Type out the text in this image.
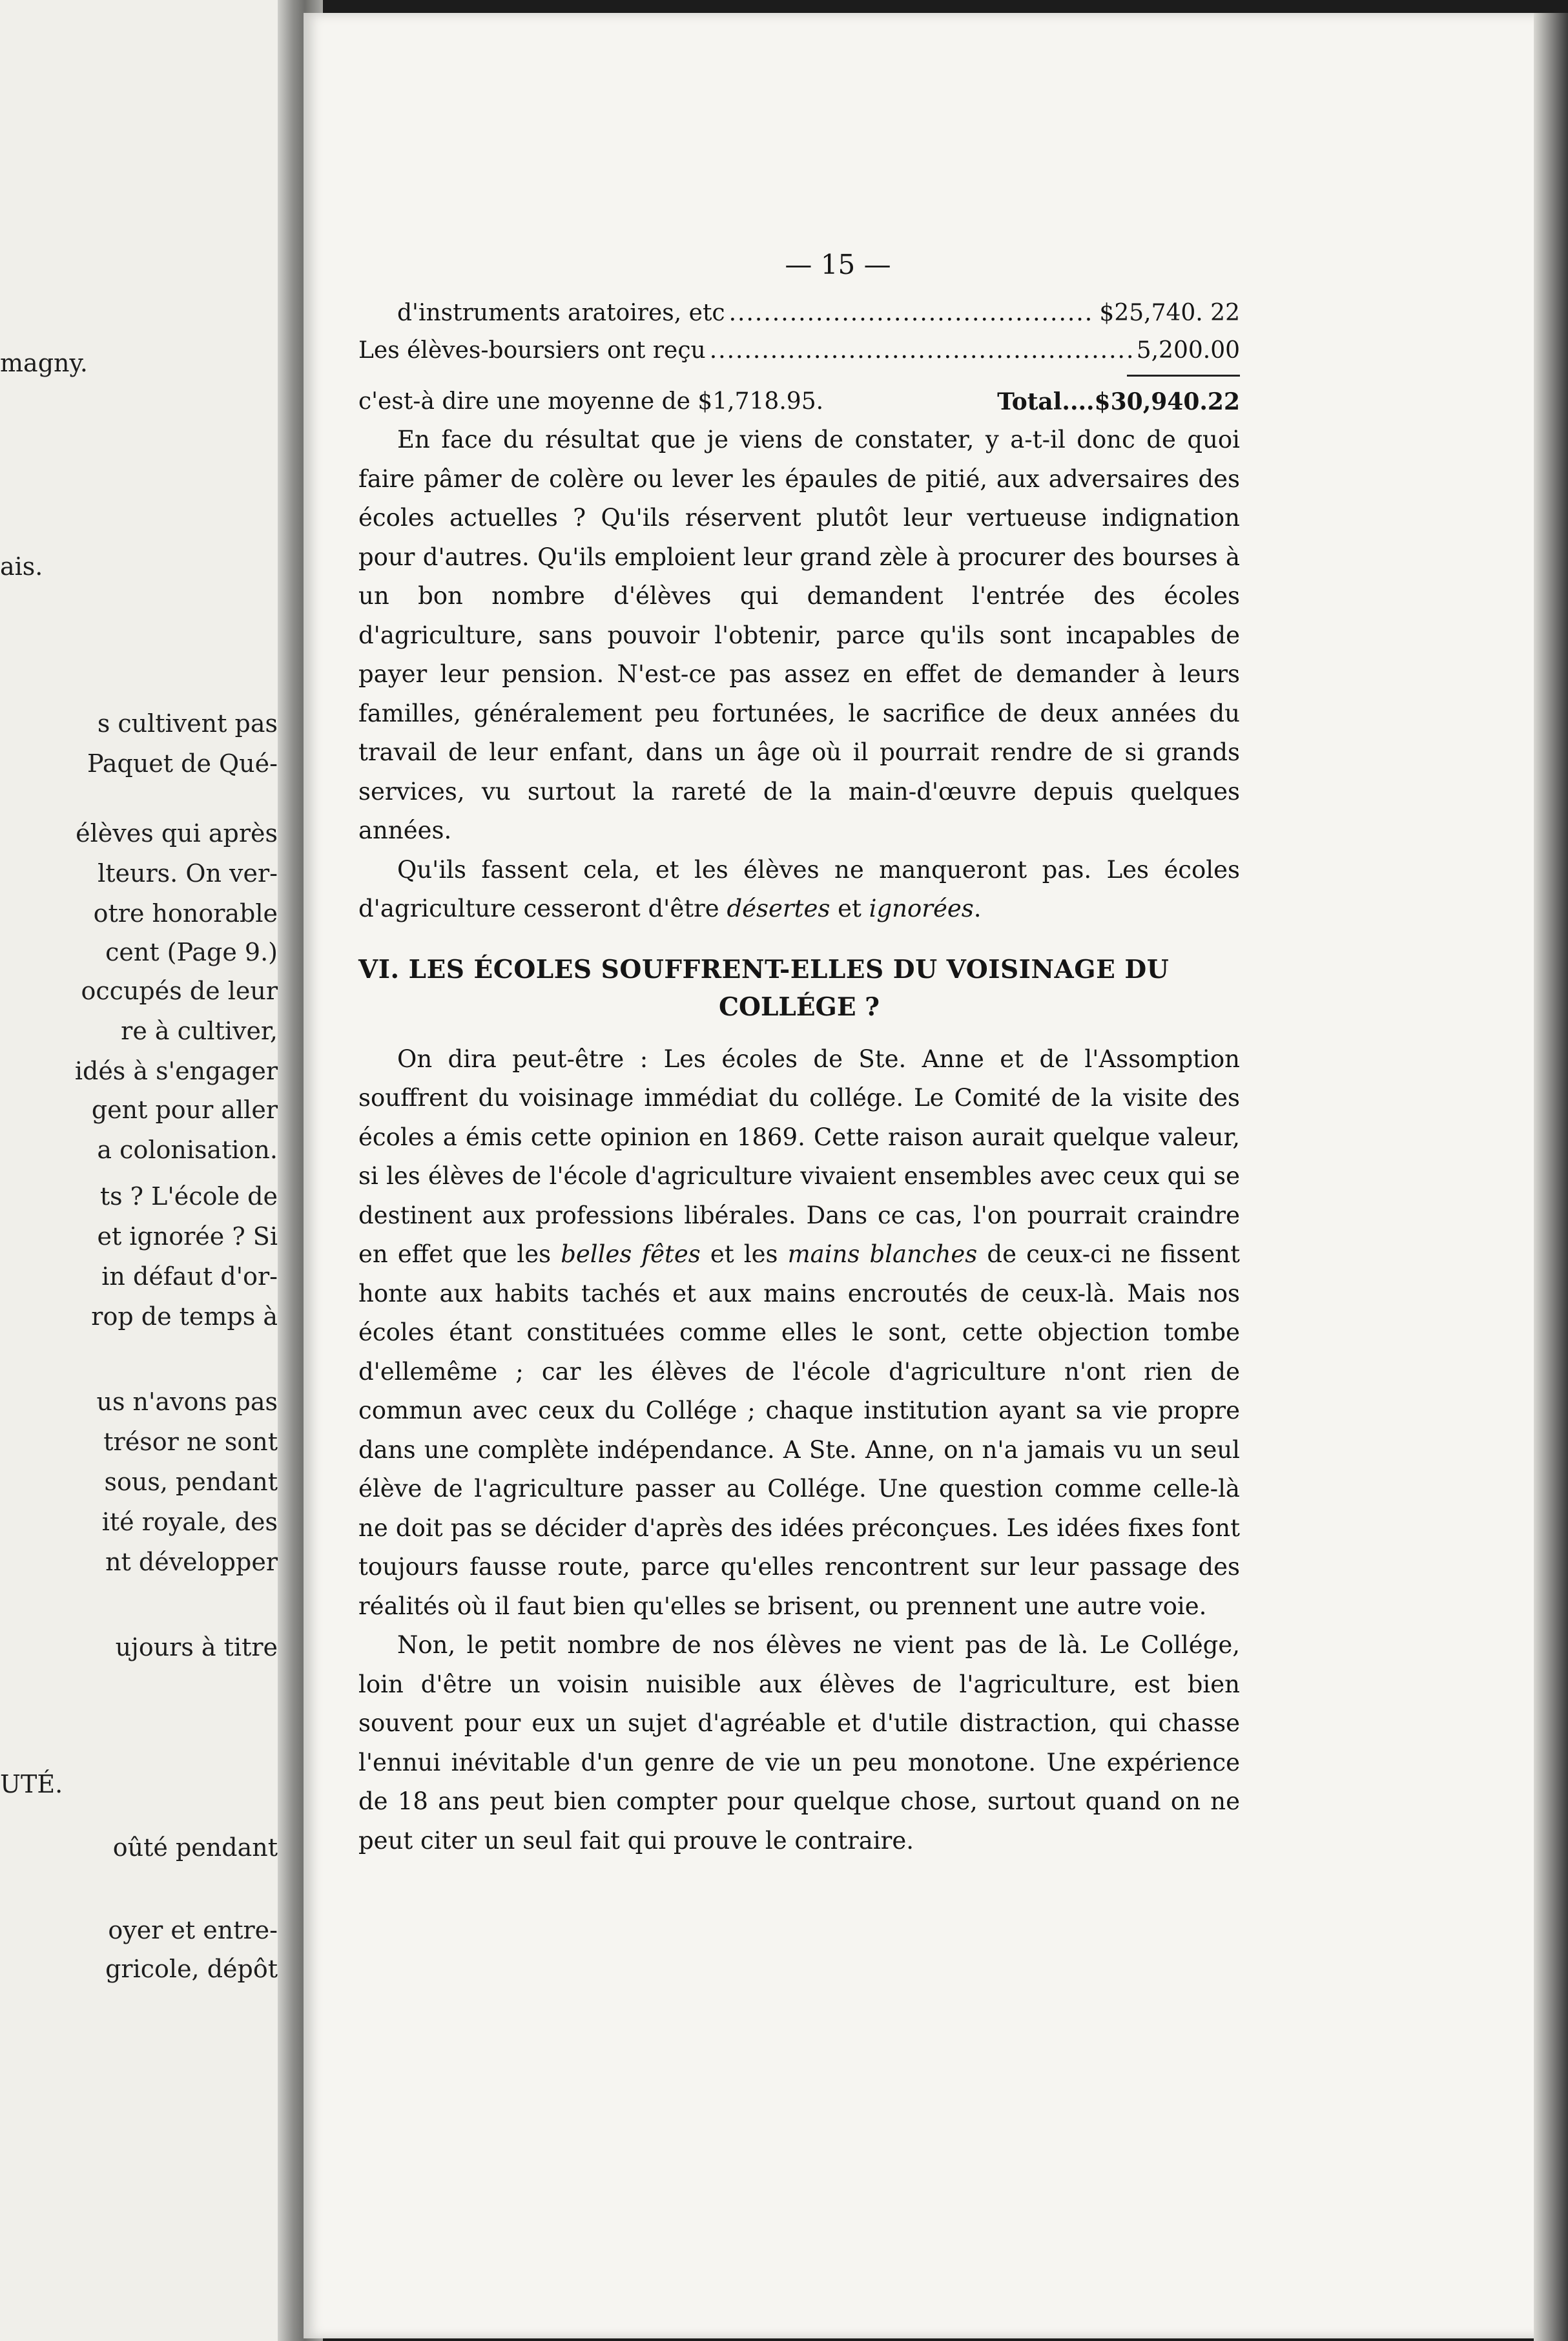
magny.
ais.
s cultivent pas
Paquet de Qué-
élèves qui après
lteurs. On ver-
otre honorable
cent (Page 9.)
occupés de leur
re à cultiver,
idés à s'engager
gent pour aller
a colonisation.
ts ? L'école de
et ignorée ? Si
in défaut d'or-
rop de temps à
us n'avons pas
trésor ne sont
sous, pendant
ité royale, des
nt développer
ujours à titre
UTÉ.
oûté pendant
oyer et entre-
gricole, dépôt
— 15 —
d'instruments aratoires, etc .....	$25,740. 22
Les élèves-boursiers ont reçu .....	5,200.00
c'est-à dire une moyenne de $1,718.95.	Total....$30,940.22

En face du résultat que je viens de constater, y a-t-il donc de quoi faire pâmer de colère ou lever les épaules de pitié, aux adversaires des écoles actuelles ? Qu'ils réservent plutôt leur vertueuse indignation pour d'autres. Qu'ils emploient leur grand zèle à procurer des bourses à un bon nombre d'élèves qui demandent l'entrée des écoles d'agriculture, sans pouvoir l'obtenir, parce qu'ils sont incapables de payer leur pension. N'est-ce pas assez en effet de demander à leurs familles, généralement peu fortunées, le sacrifice de deux années du travail de leur enfant, dans un âge où il pourrait rendre de si grands services, vu surtout la rareté de la main-d'œuvre depuis quelques années.

Qu'ils fassent cela, et les élèves ne manqueront pas. Les écoles d'agriculture cesseront d'être désertes et ignorées.

VI. LES ÉCOLES SOUFFRENT-ELLES DU VOISINAGE DU
COLLÉGE ?

On dira peut-être : Les écoles de Ste. Anne et de l'Assomption souffrent du voisinage immédiat du collége. Le Comité de la visite des écoles a émis cette opinion en 1869. Cette raison aurait quelque valeur, si les élèves de l'école d'agriculture vivaient ensembles avec ceux qui se destinent aux professions libérales. Dans ce cas, l'on pourrait craindre en effet que les belles fêtes et les mains blanches de ceux-ci ne fissent honte aux habits tachés et aux mains encroutés de ceux-là. Mais nos écoles étant constituées comme elles le sont, cette objection tombe d'ellemême ; car les élèves de l'école d'agriculture n'ont rien de commun avec ceux du Collége ; chaque institution ayant sa vie propre dans une complète indépendance. A Ste. Anne, on n'a jamais vu un seul élève de l'agriculture passer au Collége. Une question comme celle-là ne doit pas se décider d'après des idées préconçues. Les idées fixes font toujours fausse route, parce qu'elles rencontrent sur leur passage des réalités où il faut bien qu'elles se brisent, ou prennent une autre voie.

Non, le petit nombre de nos élèves ne vient pas de là. Le Collége, loin d'être un voisin nuisible aux élèves de l'agriculture, est bien souvent pour eux un sujet d'agréable et d'utile distraction, qui chasse l'ennui inévitable d'un genre de vie un peu monotone. Une expérience de 18 ans peut bien compter pour quelque chose, surtout quand on ne peut citer un seul fait qui prouve le contraire.
